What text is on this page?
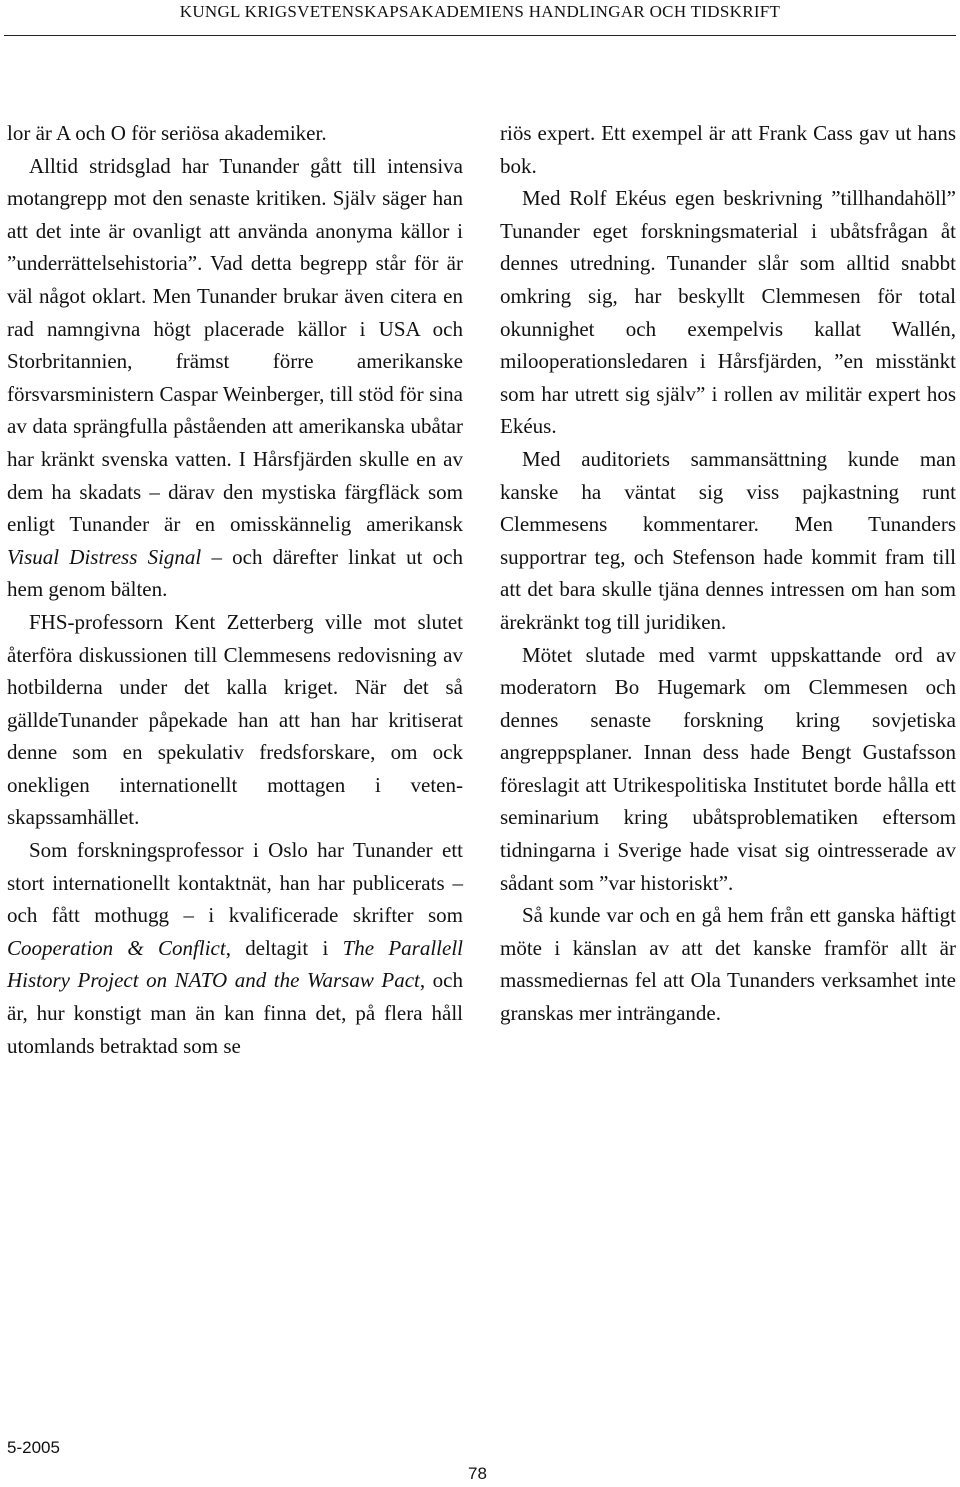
KUNGL KRIGSVETENSKAPSAKADEMIENS HANDLINGAR OCH TIDSKRIFT

lor är A och O för seriösa akademiker.

Alltid stridsglad har Tunander gått till intensiva motangrepp mot den senaste kritiken. Själv säger han att det inte är ovanligt att använda anonyma källor i ”underrättelsehistoria”. Vad detta begrepp står för är väl något oklart. Men Tunander brukar även citera en rad namngivna högt placerade källor i USA och Storbritannien, främst förre amerikanske försvarsministern Caspar Weinberger, till stöd för sina av data sprängfulla påståenden att amerikanska ubåtar har kränkt svenska vatten. I Hårsfjärden skulle en av dem ha skadats – därav den mystiska färgfläck som enligt Tunander är en omisskännelig amerikansk Visual Distress Signal – och därefter linkat ut och hem genom bälten.

FHS-professorn Kent Zetterberg ville mot slutet återföra diskussionen till Clemmesens redovisning av hotbilderna under det kalla kriget. När det så gälldeTunander påpekade han att han har kritiserat denne som en spekulativ fredsforskare, om ock onekligen internationellt mottagen i vetenskapssamhället.

Som forskningsprofessor i Oslo har Tunander ett stort internationellt kontaktnät, han har publicerats – och fått mothugg – i kvalificerade skrifter som Cooperation & Conflict, deltagit i The Parallell History Project on NATO and the Warsaw Pact, och är, hur konstigt man än kan finna det, på flera håll utomlands betraktad som se

riös expert. Ett exempel är att Frank Cass gav ut hans bok.

Med Rolf Ekéus egen beskrivning ”tillhandahöll” Tunander eget forskningsmaterial i ubåtsfrågan åt dennes utredning. Tunander slår som alltid snabbt omkring sig, har beskyllt Clemmesen för total okunnighet och exempelvis kallat Wallén, milooperationsledaren i Hårsfjärden, ”en misstänkt som har utrett sig själv” i rollen av militär expert hos Ekéus.

Med auditoriets sammansättning kunde man kanske ha väntat sig viss pajkastning runt Clemmesens kommentarer. Men Tunanders supportrar teg, och Stefenson hade kommit fram till att det bara skulle tjäna dennes intressen om han som ärekränkt tog till juridiken.

Mötet slutade med varmt uppskattande ord av moderatorn Bo Hugemark om Clemmesen och dennes senaste forskning kring sovjetiska angreppsplaner. Innan dess hade Bengt Gustafsson föreslagit att Utrikespolitiska Institutet borde hålla ett seminarium kring ubåtsproblematiken eftersom tidningarna i Sverige hade visat sig ointresserade av sådant som ”var historiskt”.

Så kunde var och en gå hem från ett ganska häftigt möte i känslan av att det kanske framför allt är massmediernas fel att Ola Tunanders verksamhet inte granskas mer inträngande.

5-2005
78
